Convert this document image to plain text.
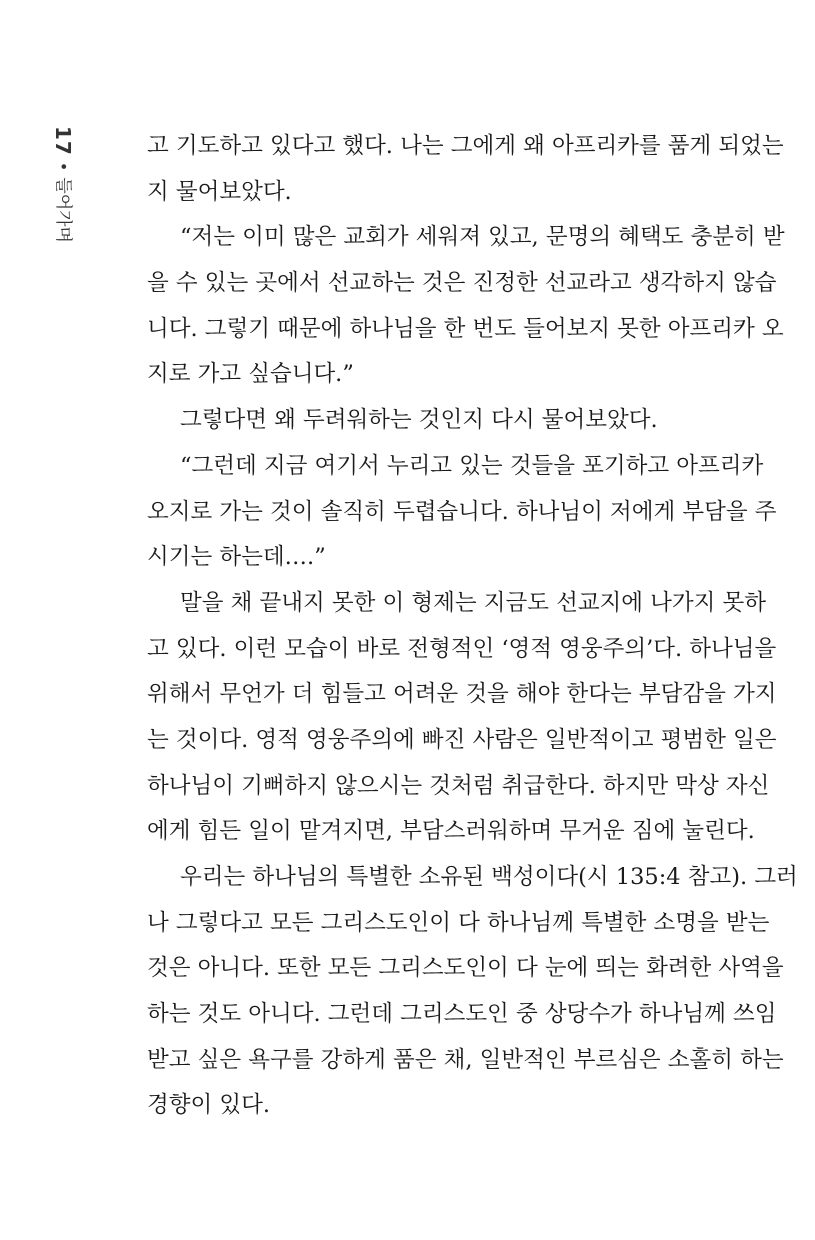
17
•
들어가며
고 기도하고 있다고 했다. 나는 그에게 왜 아프리카를 품게 되었는
지 물어보았다.
“저는 이미 많은 교회가 세워져 있고, 문명의 혜택도 충분히 받
을 수 있는 곳에서 선교하는 것은 진정한 선교라고 생각하지 않습
니다. 그렇기 때문에 하나님을 한 번도 들어보지 못한 아프리카 오
지로 가고 싶습니다.”
그렇다면 왜 두려워하는 것인지 다시 물어보았다.
“그런데 지금 여기서 누리고 있는 것들을 포기하고 아프리카
오지로 가는 것이 솔직히 두렵습니다. 하나님이 저에게 부담을 주
시기는 하는데….”
말을 채 끝내지 못한 이 형제는 지금도 선교지에 나가지 못하
고 있다. 이런 모습이 바로 전형적인 ‘영적 영웅주의’다. 하나님을
위해서 무언가 더 힘들고 어려운 것을 해야 한다는 부담감을 가지
는 것이다. 영적 영웅주의에 빠진 사람은 일반적이고 평범한 일은
하나님이 기뻐하지 않으시는 것처럼 취급한다. 하지만 막상 자신
에게 힘든 일이 맡겨지면, 부담스러워하며 무거운 짐에 눌린다.
우리는 하나님의 특별한 소유된 백성이다(시 135:4 참고). 그러
나 그렇다고 모든 그리스도인이 다 하나님께 특별한 소명을 받는
것은 아니다. 또한 모든 그리스도인이 다 눈에 띄는 화려한 사역을
하는 것도 아니다. 그런데 그리스도인 중 상당수가 하나님께 쓰임
받고 싶은 욕구를 강하게 품은 채, 일반적인 부르심은 소홀히 하는
경향이 있다.
